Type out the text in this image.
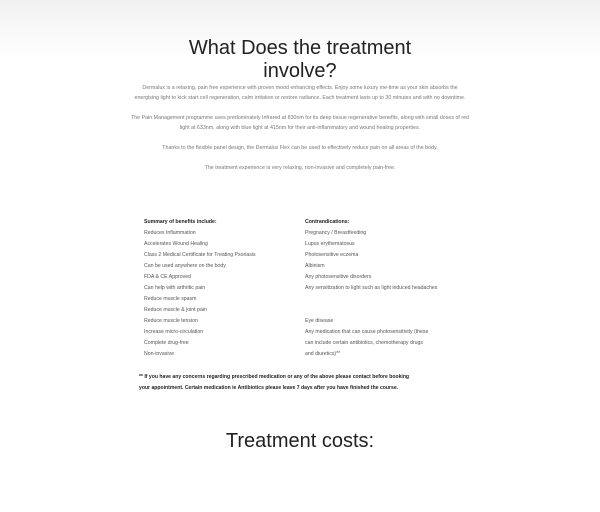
What Does the treatment
involve?

Dermalux is a relaxing, pain free experience with proven mood enhancing effects. Enjoy some luxury me-time as your skin absorbs the energising light to kick start cell regeneration, calm irritation or restore radiance. Each treatment lasts up to 30 minutes and with no downtime.

The Pain Management programme uses predominately Infrared at 830nm for its deep tissue regenerative benefits, along with small doses of red light at 633nm, along with blue light at 415nm for their anti-inflammatory and wound healing properties.

Thanks to the flexible panel design, the Dermalux Flex can be used to effectively reduce pain on all areas of the body.

The treatment experience is very relaxing, non-invasive and completely pain-free.

Summary of benefits include:
Reduces Inflammation
Accelerates Wound Healing
Class 2 Medical Certificate for Treating Psoriasis
Can be used anywhere on the body
FDA & CE Approved
Can help with arthritic pain
Reduce muscle spasm
Reduce muscle & joint pain
Reduce muscle tension
Increase micro-circulation
Complete drug-free
Non-invasive
Contrandications:
Pregnancy / Breastfeeding
Lupus erythematosus
Photosensitive eczema
Albinism
Any photosensitive disorders
Any sensitization to light such as light induced headaches
Eye disease
Any medication that can cause photosensitivity (these
can include certain antibiotics, chemotherapy drugs
and diuretics)**
** If you have any concerns regarding prescribed medication or any of the above please contact before booking
your appointment. Certain medication ie Antibiotics please leave 7 days after you have finished the course.
Treatment costs:
